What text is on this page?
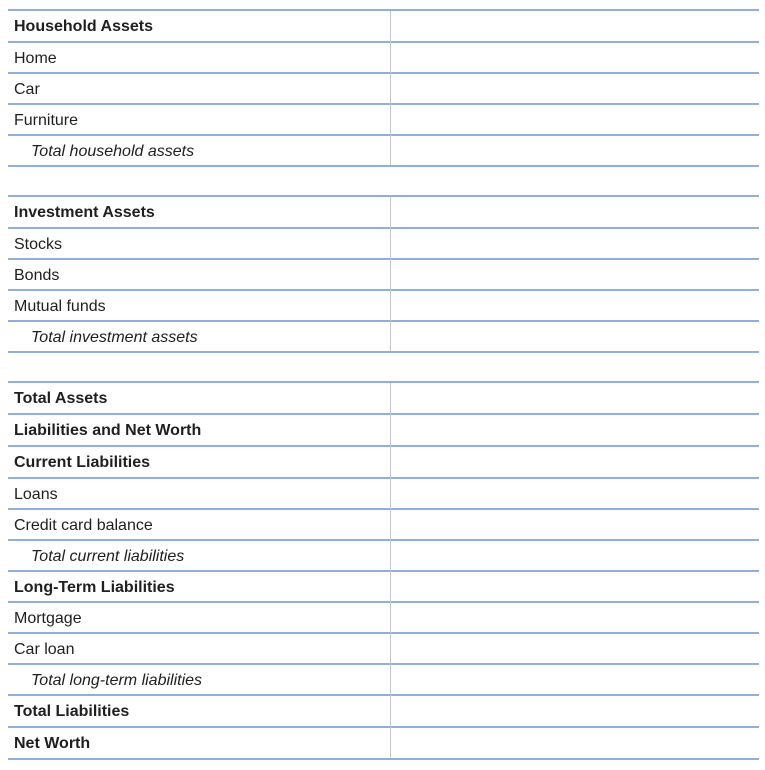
Household Assets
Home
Car
Furniture
Total household assets
Investment Assets
Stocks
Bonds
Mutual funds
Total investment assets
Total Assets
Liabilities and Net Worth
Current Liabilities
Loans
Credit card balance
Total current liabilities
Long-Term Liabilities
Mortgage
Car loan
Total long-term liabilities
Total Liabilities
Net Worth
